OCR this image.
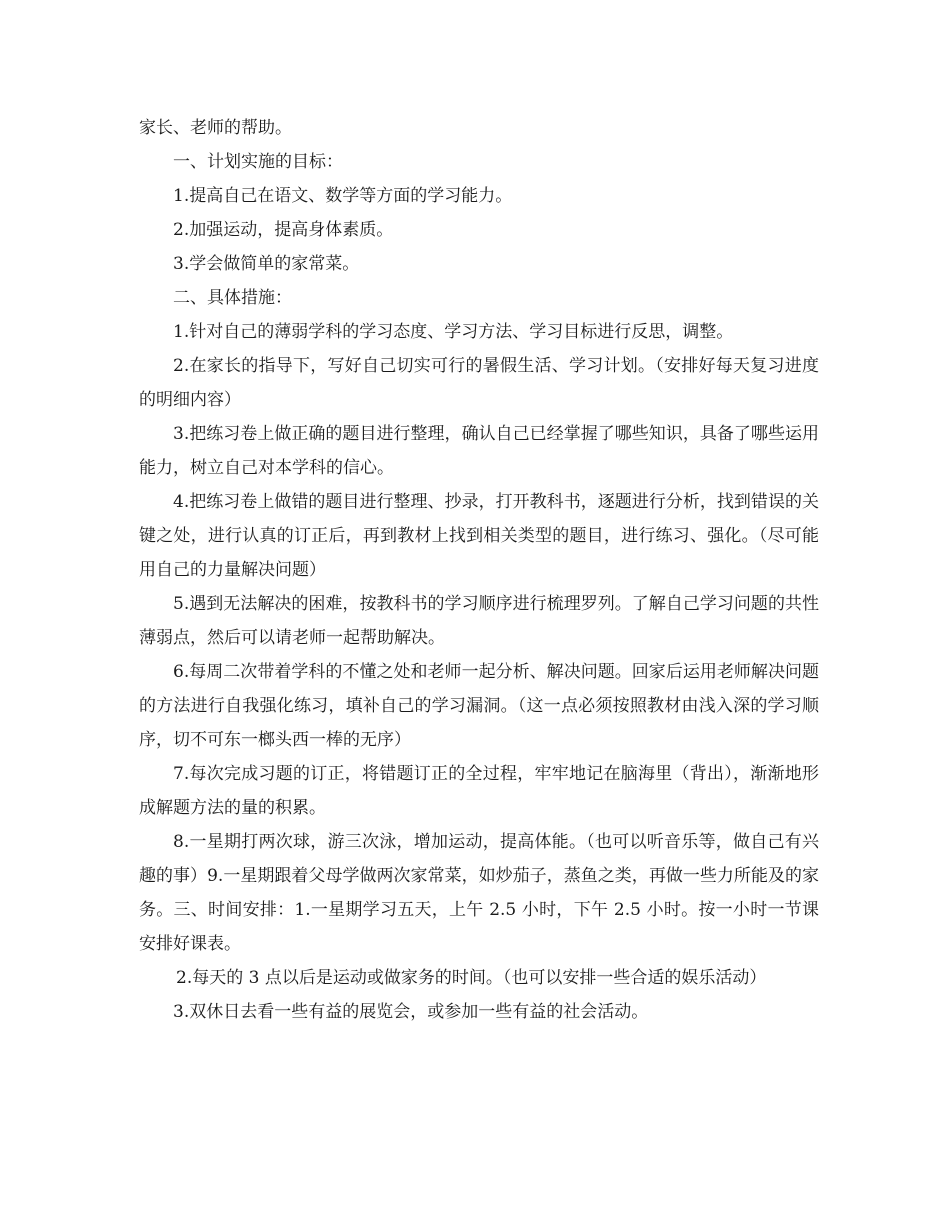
家长、老师的帮助。

一、计划实施的目标：

1.提高自己在语文、数学等方面的学习能力。

2.加强运动，提高身体素质。

3.学会做简单的家常菜。

二、具体措施：

1.针对自己的薄弱学科的学习态度、学习方法、学习目标进行反思，调整。

2.在家长的指导下，写好自己切实可行的暑假生活、学习计划。（安排好每天复习进度的明细内容）

3.把练习卷上做正确的题目进行整理，确认自己已经掌握了哪些知识，具备了哪些运用能力，树立自己对本学科的信心。

4.把练习卷上做错的题目进行整理、抄录，打开教科书，逐题进行分析，找到错误的关键之处，进行认真的订正后，再到教材上找到相关类型的题目，进行练习、强化。（尽可能用自己的力量解决问题）

5.遇到无法解决的困难，按教科书的学习顺序进行梳理罗列。了解自己学习问题的共性薄弱点，然后可以请老师一起帮助解决。

6.每周二次带着学科的不懂之处和老师一起分析、解决问题。回家后运用老师解决问题的方法进行自我强化练习，填补自己的学习漏洞。（这一点必须按照教材由浅入深的学习顺序，切不可东一榔头西一棒的无序）

7.每次完成习题的订正，将错题订正的全过程，牢牢地记在脑海里（背出），渐渐地形成解题方法的量的积累。

8.一星期打两次球，游三次泳，增加运动，提高体能。（也可以听音乐等，做自己有兴趣的事）9.一星期跟着父母学做两次家常菜，如炒茄子，蒸鱼之类，再做一些力所能及的家务。三、时间安排：1.一星期学习五天，上午 2.5 小时，下午 2.5 小时。按一小时一节课安排好课表。

2.每天的 3 点以后是运动或做家务的时间。（也可以安排一些合适的娱乐活动）

3.双休日去看一些有益的展览会，或参加一些有益的社会活动。
